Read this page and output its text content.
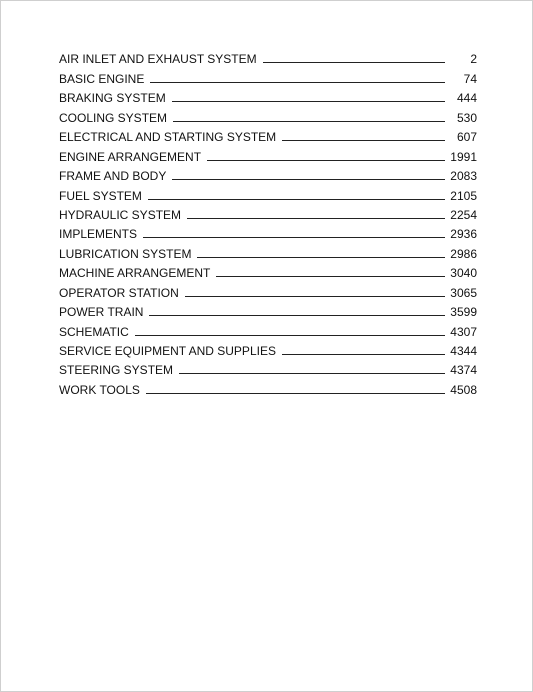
AIR INLET AND EXHAUST SYSTEM	2
BASIC ENGINE	74
BRAKING SYSTEM	444
COOLING SYSTEM	530
ELECTRICAL AND STARTING SYSTEM	607
ENGINE ARRANGEMENT	1991
FRAME AND BODY	2083
FUEL SYSTEM	2105
HYDRAULIC SYSTEM	2254
IMPLEMENTS	2936
LUBRICATION SYSTEM	2986
MACHINE ARRANGEMENT	3040
OPERATOR STATION	3065
POWER TRAIN	3599
SCHEMATIC	4307
SERVICE EQUIPMENT AND SUPPLIES	4344
STEERING SYSTEM	4374
WORK TOOLS	4508
